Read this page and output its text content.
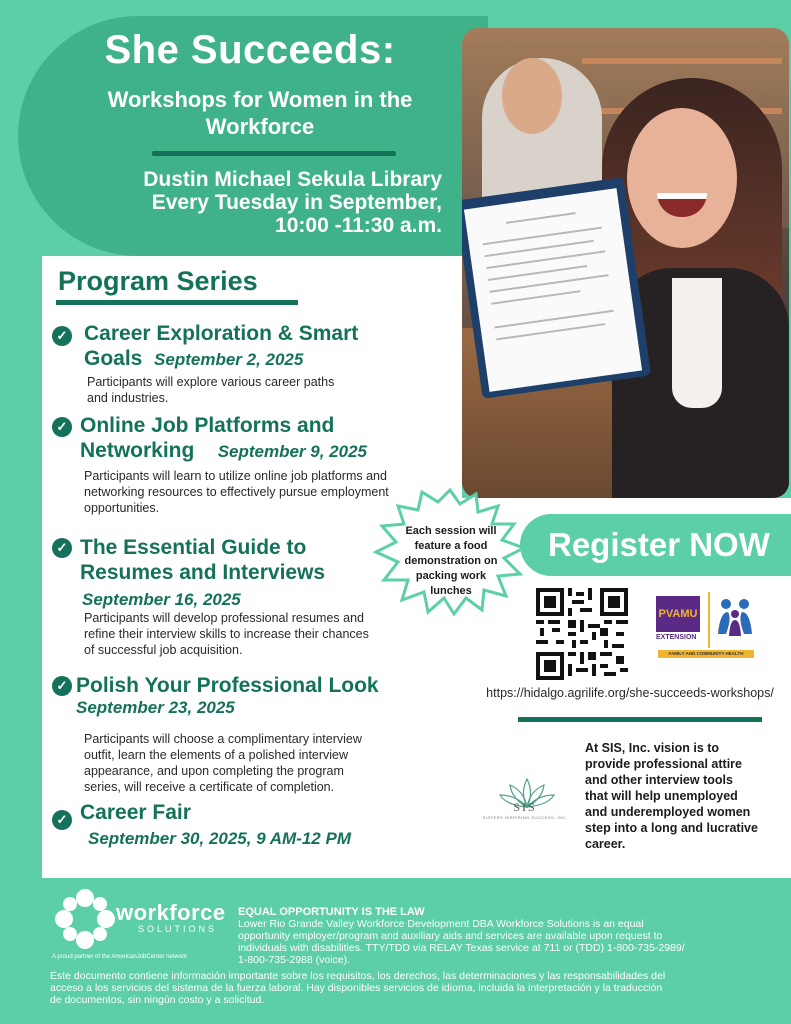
She Succeeds:
Workshops for Women in the Workforce
Dustin Michael Sekula Library
Every Tuesday in September,
10:00 -11:30 a.m.
Program Series
✓ Career Exploration & Smart
Goals September 2, 2025
Participants will explore various career paths
and industries.
✓ Online Job Platforms and
Networking September 9, 2025
Participants will learn to utilize online job platforms and
networking resources to effectively pursue employment
opportunities.
✓ The Essential Guide to
Resumes and Interviews
September 16, 2025
Participants will develop professional resumes and
refine their interview skills to increase their chances
of successful job acquisition.
✓ Polish Your Professional Look
September 23, 2025
Participants will choose a complimentary interview
outfit, learn the elements of a polished interview
appearance, and upon completing the program
series, will receive a certificate of completion.
✓ Career Fair
September 30, 2025, 9 AM-12 PM
Each session will
feature a food
demonstration on
packing work
lunches
Register NOW
PVAMU
EXTENSION
FAMILY AND COMMUNITY HEALTH
https://hidalgo.agrilife.org/she-succeeds-workshops/
SIS
SISTERS INSPIRING SUCCESS, INC.
At SIS, Inc. vision is to
provide professional attire
and other interview tools
that will help unemployed
and underemployed women
step into a long and lucrative
career.
workforce
SOLUTIONS
A proud partner of the AmericanJobCenter network
EQUAL OPPORTUNITY IS THE LAW
Lower Rio Grande Valley Workforce Development DBA Workforce Solutions is an equal
opportunity employer/program and auxiliary aids and services are available upon request to
individuals with disabilities. TTY/TDD via RELAY Texas service at 711 or (TDD) 1-800-735-2989/
1-800-735-2988 (voice).
Este documento contiene información importante sobre los requisitos, los derechos, las determinaciones y las responsabilidades del
acceso a los servicios del sistema de la fuerza laboral. Hay disponibles servicios de idioma, incluida la interpretación y la traducción
de documentos, sin ningún costo y a solicitud.
